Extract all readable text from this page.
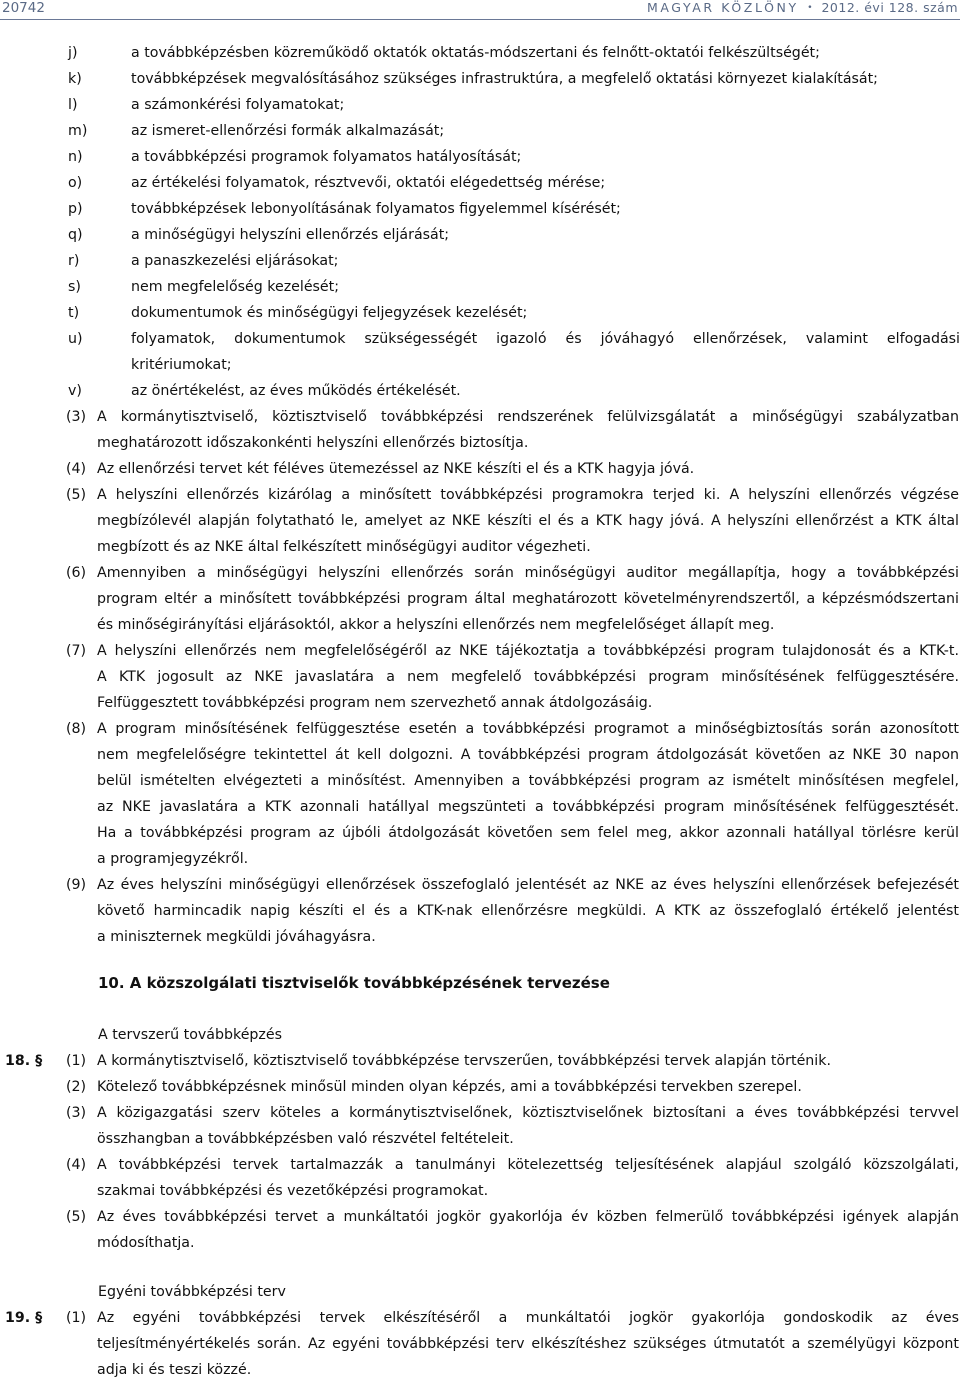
20742	MAGYAR KÖZLÖNY • 2012. évi 128. szám
j)	a továbbképzésben közreműködő oktatók oktatás-módszertani és felnőtt-oktatói felkészültségét;
k)	továbbképzések megvalósításához szükséges infrastruktúra, a megfelelő oktatási környezet kialakítását;
l)	a számonkérési folyamatokat;
m)	az ismeret-ellenőrzési formák alkalmazását;
n)	a továbbképzési programok folyamatos hatályosítását;
o)	az értékelési folyamatok, résztvevői, oktatói elégedettség mérése;
p)	továbbképzések lebonyolításának folyamatos figyelemmel kísérését;
q)	a minőségügyi helyszíni ellenőrzés eljárását;
r)	a panaszkezelési eljárásokat;
s)	nem megfelelőség kezelését;
t)	dokumentumok és minőségügyi feljegyzések kezelését;
u)	folyamatok, dokumentumok szükségességét igazoló és jóváhagyó ellenőrzések, valamint elfogadási
kritériumokat;
v)	az önértékelést, az éves működés értékelését.
(3) A kormánytisztviselő, köztisztviselő továbbképzési rendszerének felülvizsgálatát a minőségügyi szabályzatban
meghatározott időszakonkénti helyszíni ellenőrzés biztosítja.
(4) Az ellenőrzési tervet két féléves ütemezéssel az NKE készíti el és a KTK hagyja jóvá.
(5) A helyszíni ellenőrzés kizárólag a minősített továbbképzési programokra terjed ki. A helyszíni ellenőrzés végzése
megbízólevél alapján folytatható le, amelyet az NKE készíti el és a KTK hagy jóvá. A helyszíni ellenőrzést a KTK által
megbízott és az NKE által felkészített minőségügyi auditor végezheti.
(6) Amennyiben a minőségügyi helyszíni ellenőrzés során minőségügyi auditor megállapítja, hogy a továbbképzési
program eltér a minősített továbbképzési program által meghatározott követelményrendszertől, a képzésmódszertani
és minőségirányítási eljárásoktól, akkor a helyszíni ellenőrzés nem megfelelőséget állapít meg.
(7) A helyszíni ellenőrzés nem megfelelőségéről az NKE tájékoztatja a továbbképzési program tulajdonosát és a KTK-t.
A KTK jogosult az NKE javaslatára a nem megfelelő továbbképzési program minősítésének felfüggesztésére.
Felfüggesztett továbbképzési program nem szervezhető annak átdolgozásáig.
(8) A program minősítésének felfüggesztése esetén a továbbképzési programot a minőségbiztosítás során azonosított
nem megfelelőségre tekintettel át kell dolgozni. A továbbképzési program átdolgozását követően az NKE 30 napon
belül ismételten elvégezteti a minősítést. Amennyiben a továbbképzési program az ismételt minősítésen megfelel,
az NKE javaslatára a KTK azonnali hatállyal megszünteti a továbbképzési program minősítésének felfüggesztését.
Ha a továbbképzési program az újbóli átdolgozását követően sem felel meg, akkor azonnali hatállyal törlésre kerül
a programjegyzékről.
(9) Az éves helyszíni minőségügyi ellenőrzések összefoglaló jelentését az NKE az éves helyszíni ellenőrzések befejezését
követő harmincadik napig készíti el és a KTK-nak ellenőrzésre megküldi. A KTK az összefoglaló értékelő jelentést
a miniszternek megküldi jóváhagyásra.
10. A közszolgálati tisztviselők továbbképzésének tervezése
A tervszerű továbbképzés
18. § (1) A kormánytisztviselő, köztisztviselő továbbképzése tervszerűen, továbbképzési tervek alapján történik.
(2) Kötelező továbbképzésnek minősül minden olyan képzés, ami a továbbképzési tervekben szerepel.
(3) A közigazgatási szerv köteles a kormánytisztviselőnek, köztisztviselőnek biztosítani a éves továbbképzési tervvel
összhangban a továbbképzésben való részvétel feltételeit.
(4) A továbbképzési tervek tartalmazzák a tanulmányi kötelezettség teljesítésének alapjául szolgáló közszolgálati,
szakmai továbbképzési és vezetőképzési programokat.
(5) Az éves továbbképzési tervet a munkáltatói jogkör gyakorlója év közben felmerülő továbbképzési igények alapján
módosíthatja.
Egyéni továbbképzési terv
19. § (1) Az egyéni továbbképzési tervek elkészítéséről a munkáltatói jogkör gyakorlója gondoskodik az éves
teljesítményértékelés során. Az egyéni továbbképzési terv elkészítéshez szükséges útmutatót a személyügyi központ
adja ki és teszi közzé.
